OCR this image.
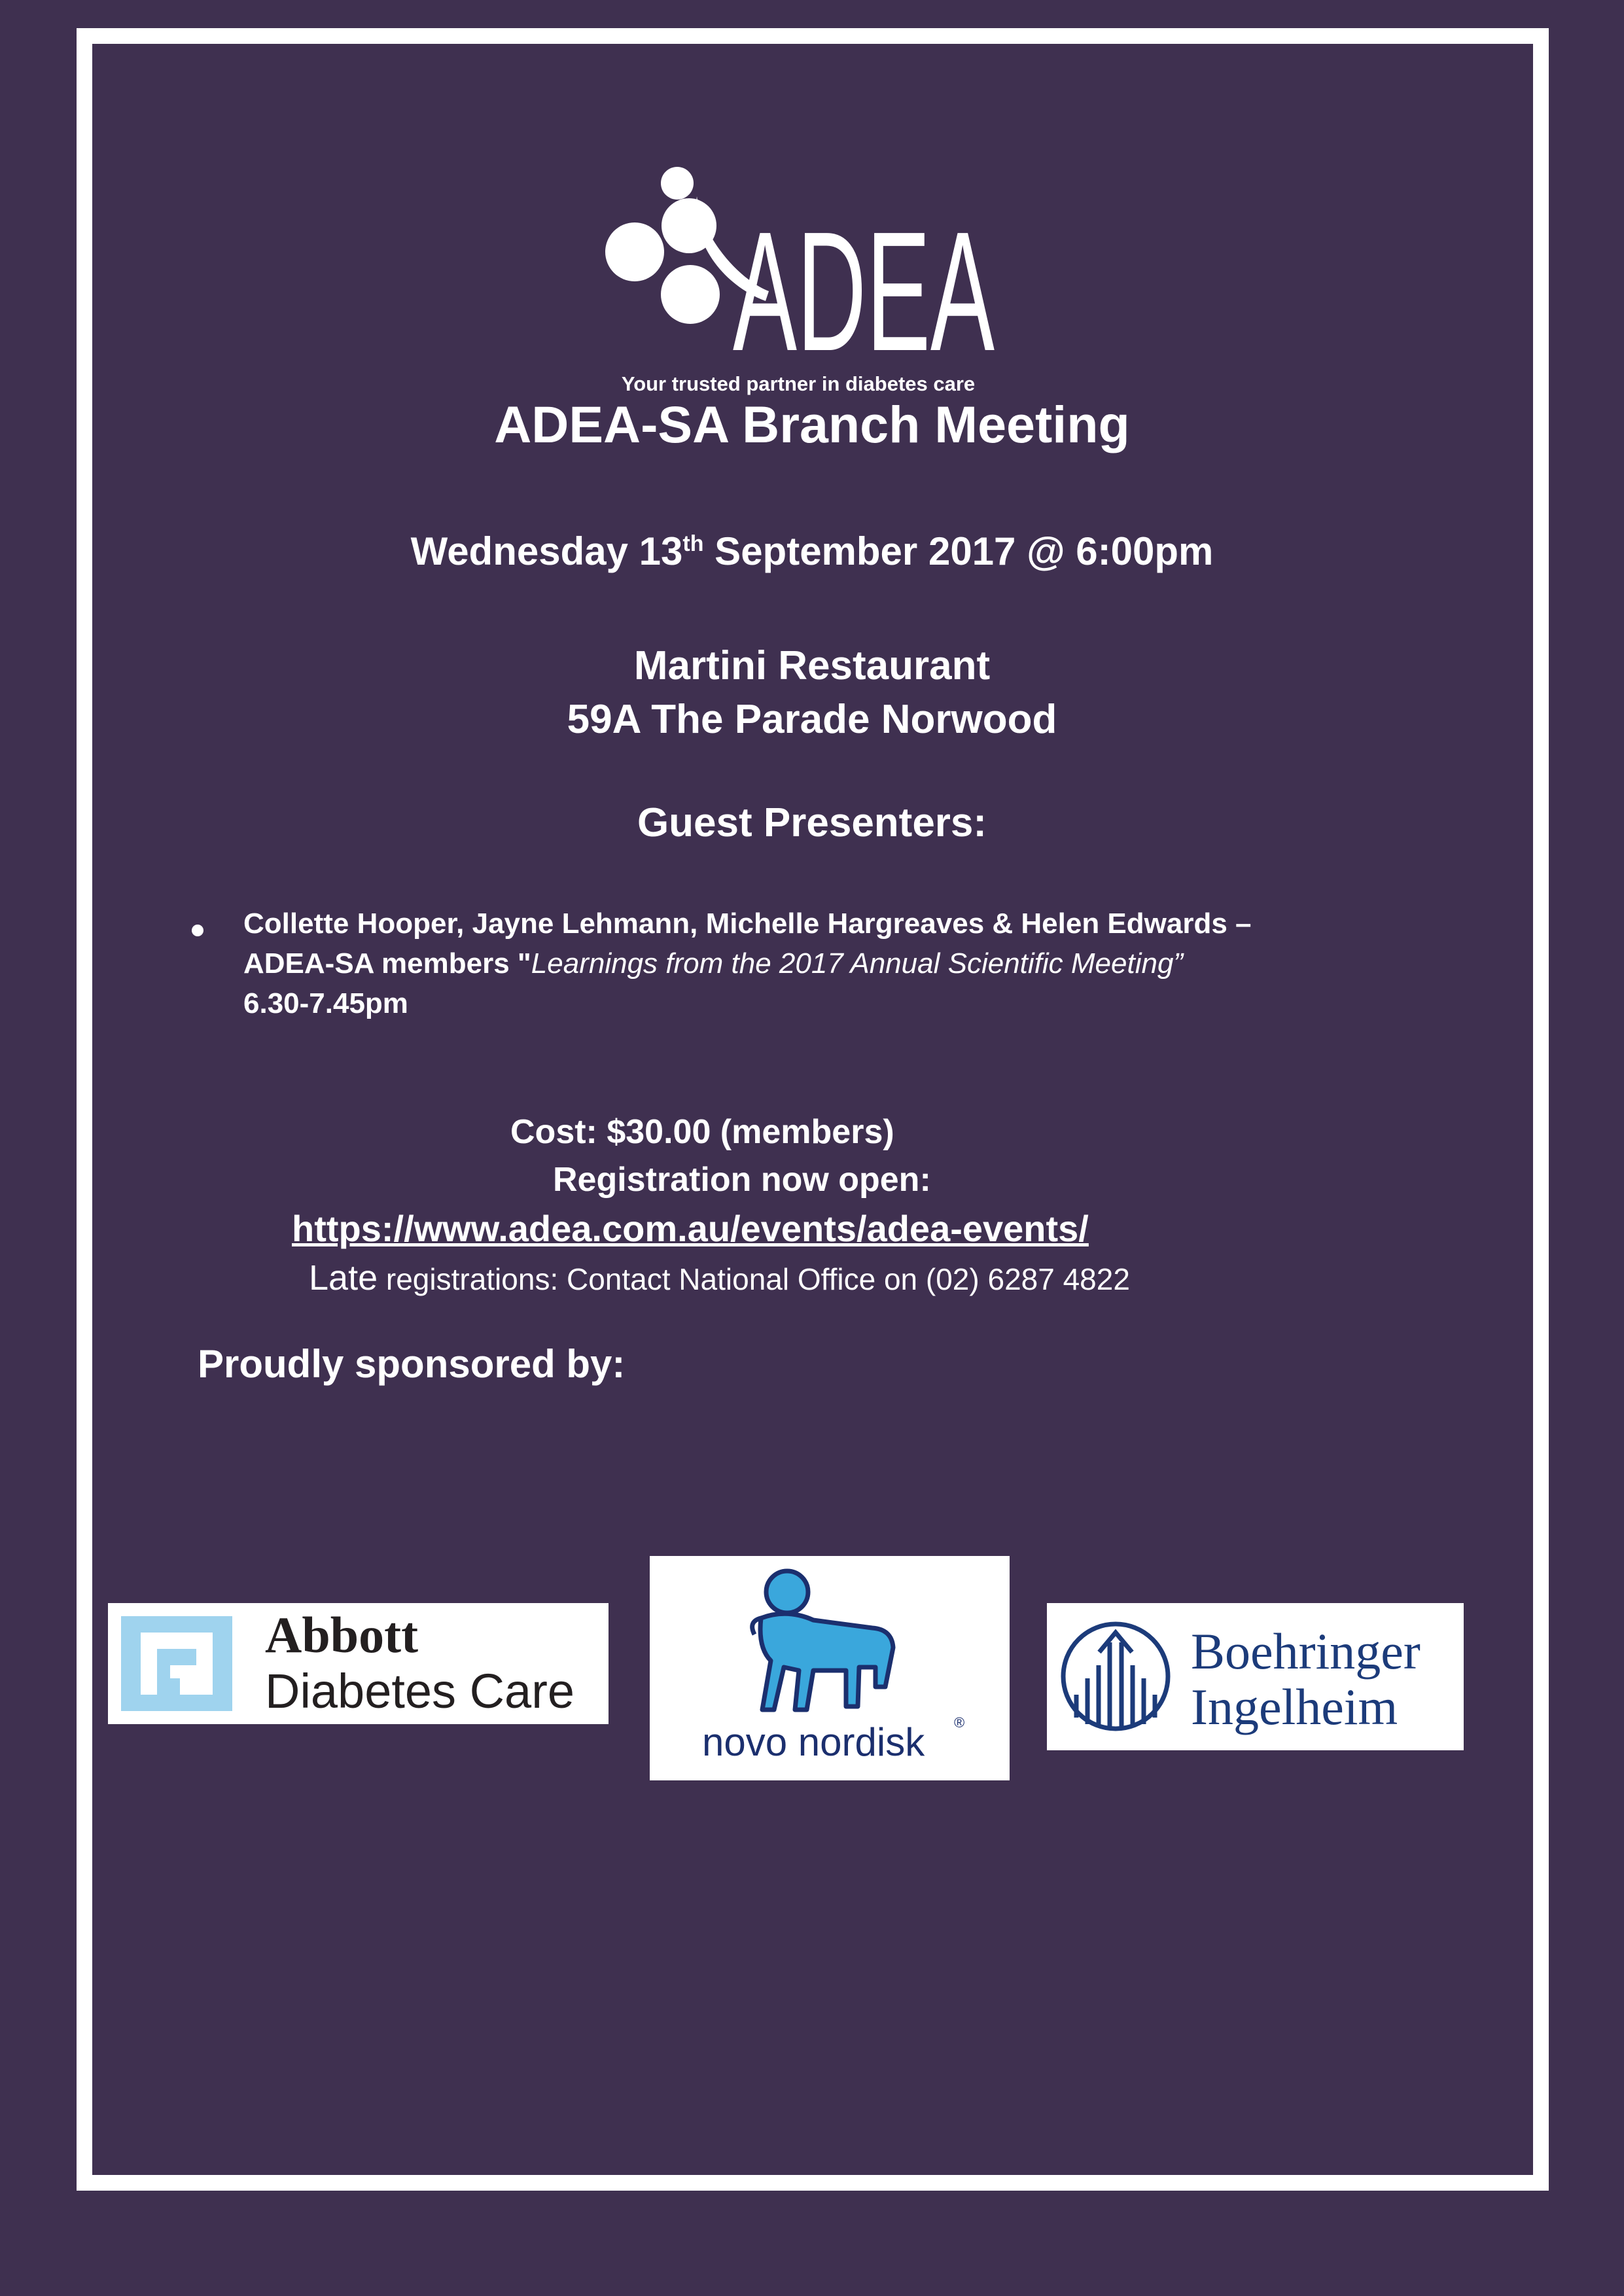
ADEA
Your trusted partner in diabetes care
ADEA-SA Branch Meeting
Wednesday 13th September 2017 @ 6:00pm
Martini Restaurant
59A The Parade Norwood
Guest Presenters:
Collette Hooper, Jayne Lehmann, Michelle Hargreaves & Helen Edwards –
ADEA-SA members "Learnings from the 2017 Annual Scientific Meeting”
6.30-7.45pm
Cost: $30.00 (members)
Registration now open:
https://www.adea.com.au/events/adea-events/
Late registrations: Contact National Office on (02) 6287 4822
Proudly sponsored by:
Abbott
Diabetes Care
novo nordisk ®
Boehringer
Ingelheim
